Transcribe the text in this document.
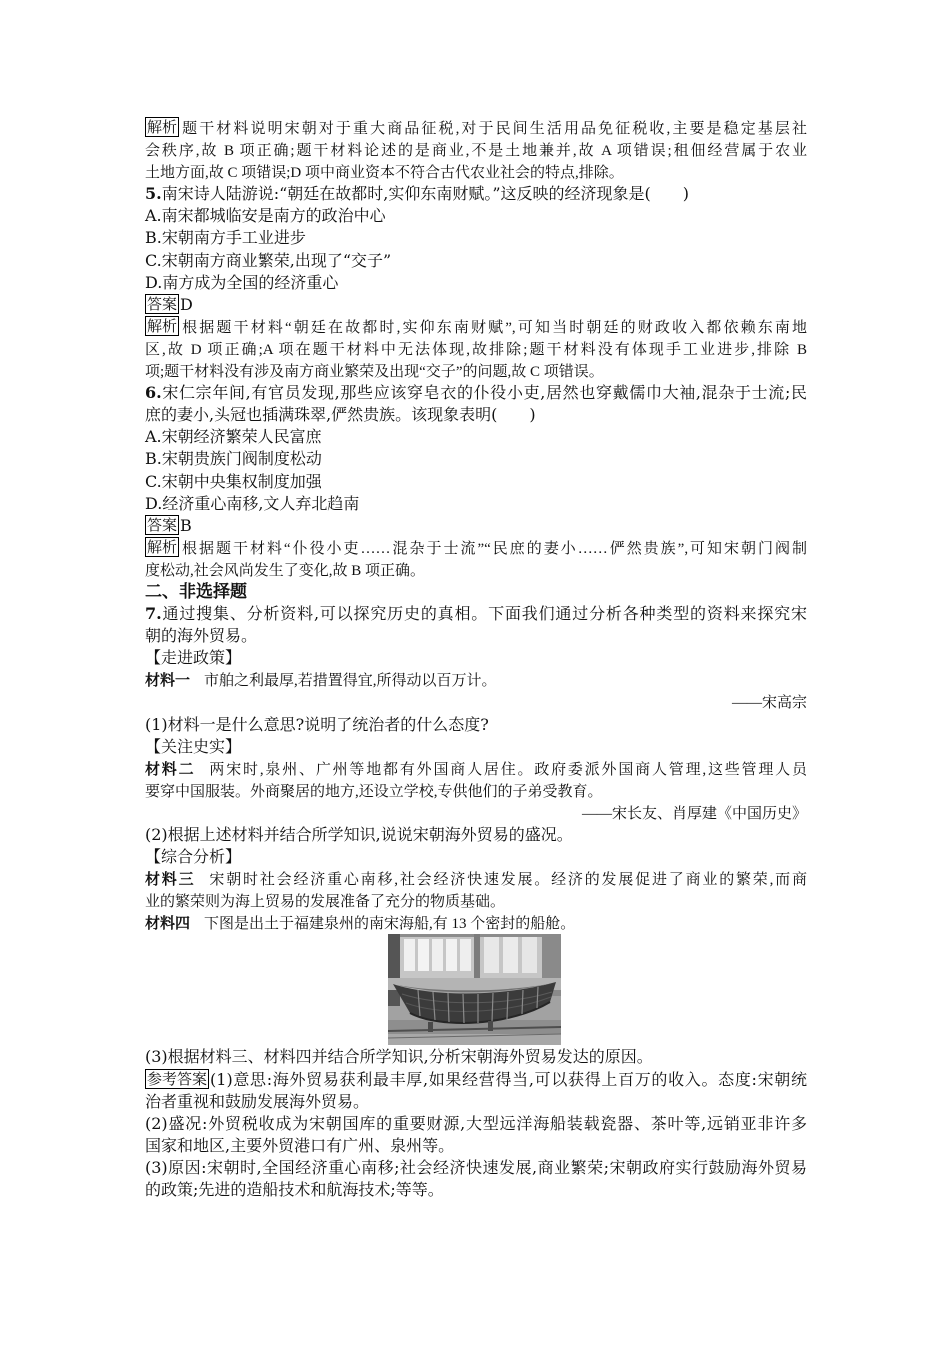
解析 题干材料说明宋朝对于重大商品征税,对于民间生活用品免征税收,主要是稳定基层社
会秩序,故 B 项正确;题干材料论述的是商业,不是土地兼并,故 A 项错误;租佃经营属于农业
土地方面,故 C 项错误;D 项中商业资本不符合古代农业社会的特点,排除。
5.南宋诗人陆游说:“朝廷在故都时,实仰东南财赋。”这反映的经济现象是(　　)
A.南宋都城临安是南方的政治中心
B.宋朝南方手工业进步
C.宋朝南方商业繁荣,出现了“交子”
D.南方成为全国的经济重心
答案 D
解析 根据题干材料“朝廷在故都时,实仰东南财赋”,可知当时朝廷的财政收入都依赖东南地
区,故 D 项正确;A 项在题干材料中无法体现,故排除;题干材料没有体现手工业进步,排除 B
项;题干材料没有涉及南方商业繁荣及出现“交子”的问题,故 C 项错误。
6.宋仁宗年间,有官员发现,那些应该穿皂衣的仆役小吏,居然也穿戴儒巾大袖,混杂于士流;民
庶的妻小,头冠也插满珠翠,俨然贵族。该现象表明(　　)
A.宋朝经济繁荣人民富庶
B.宋朝贵族门阀制度松动
C.宋朝中央集权制度加强
D.经济重心南移,文人弃北趋南
答案 B
解析 根据题干材料“仆役小吏……混杂于士流”“民庶的妻小……俨然贵族”,可知宋朝门阀制
度松动,社会风尚发生了变化,故 B 项正确。
二、非选择题
7.通过搜集、分析资料,可以探究历史的真相。下面我们通过分析各种类型的资料来探究宋
朝的海外贸易。
【走进政策】
材料一 市舶之利最厚,若措置得宜,所得动以百万计。
——宋高宗
(1)材料一是什么意思?说明了统治者的什么态度?
【关注史实】
材料二 两宋时,泉州、广州等地都有外国商人居住。政府委派外国商人管理,这些管理人员
要穿中国服装。外商聚居的地方,还设立学校,专供他们的子弟受教育。
——宋长友、肖厚建《中国历史》
(2)根据上述材料并结合所学知识,说说宋朝海外贸易的盛况。
【综合分析】
材料三 宋朝时社会经济重心南移,社会经济快速发展。经济的发展促进了商业的繁荣,而商
业的繁荣则为海上贸易的发展准备了充分的物质基础。
材料四 下图是出土于福建泉州的南宋海船,有 13 个密封的船舱。
(3)根据材料三、材料四并结合所学知识,分析宋朝海外贸易发达的原因。
参考答案 (1)意思:海外贸易获利最丰厚,如果经营得当,可以获得上百万的收入。态度:宋朝统
治者重视和鼓励发展海外贸易。
(2)盛况:外贸税收成为宋朝国库的重要财源,大型远洋海船装载瓷器、茶叶等,远销亚非许多
国家和地区,主要外贸港口有广州、泉州等。
(3)原因:宋朝时,全国经济重心南移;社会经济快速发展,商业繁荣;宋朝政府实行鼓励海外贸易
的政策;先进的造船技术和航海技术;等等。
